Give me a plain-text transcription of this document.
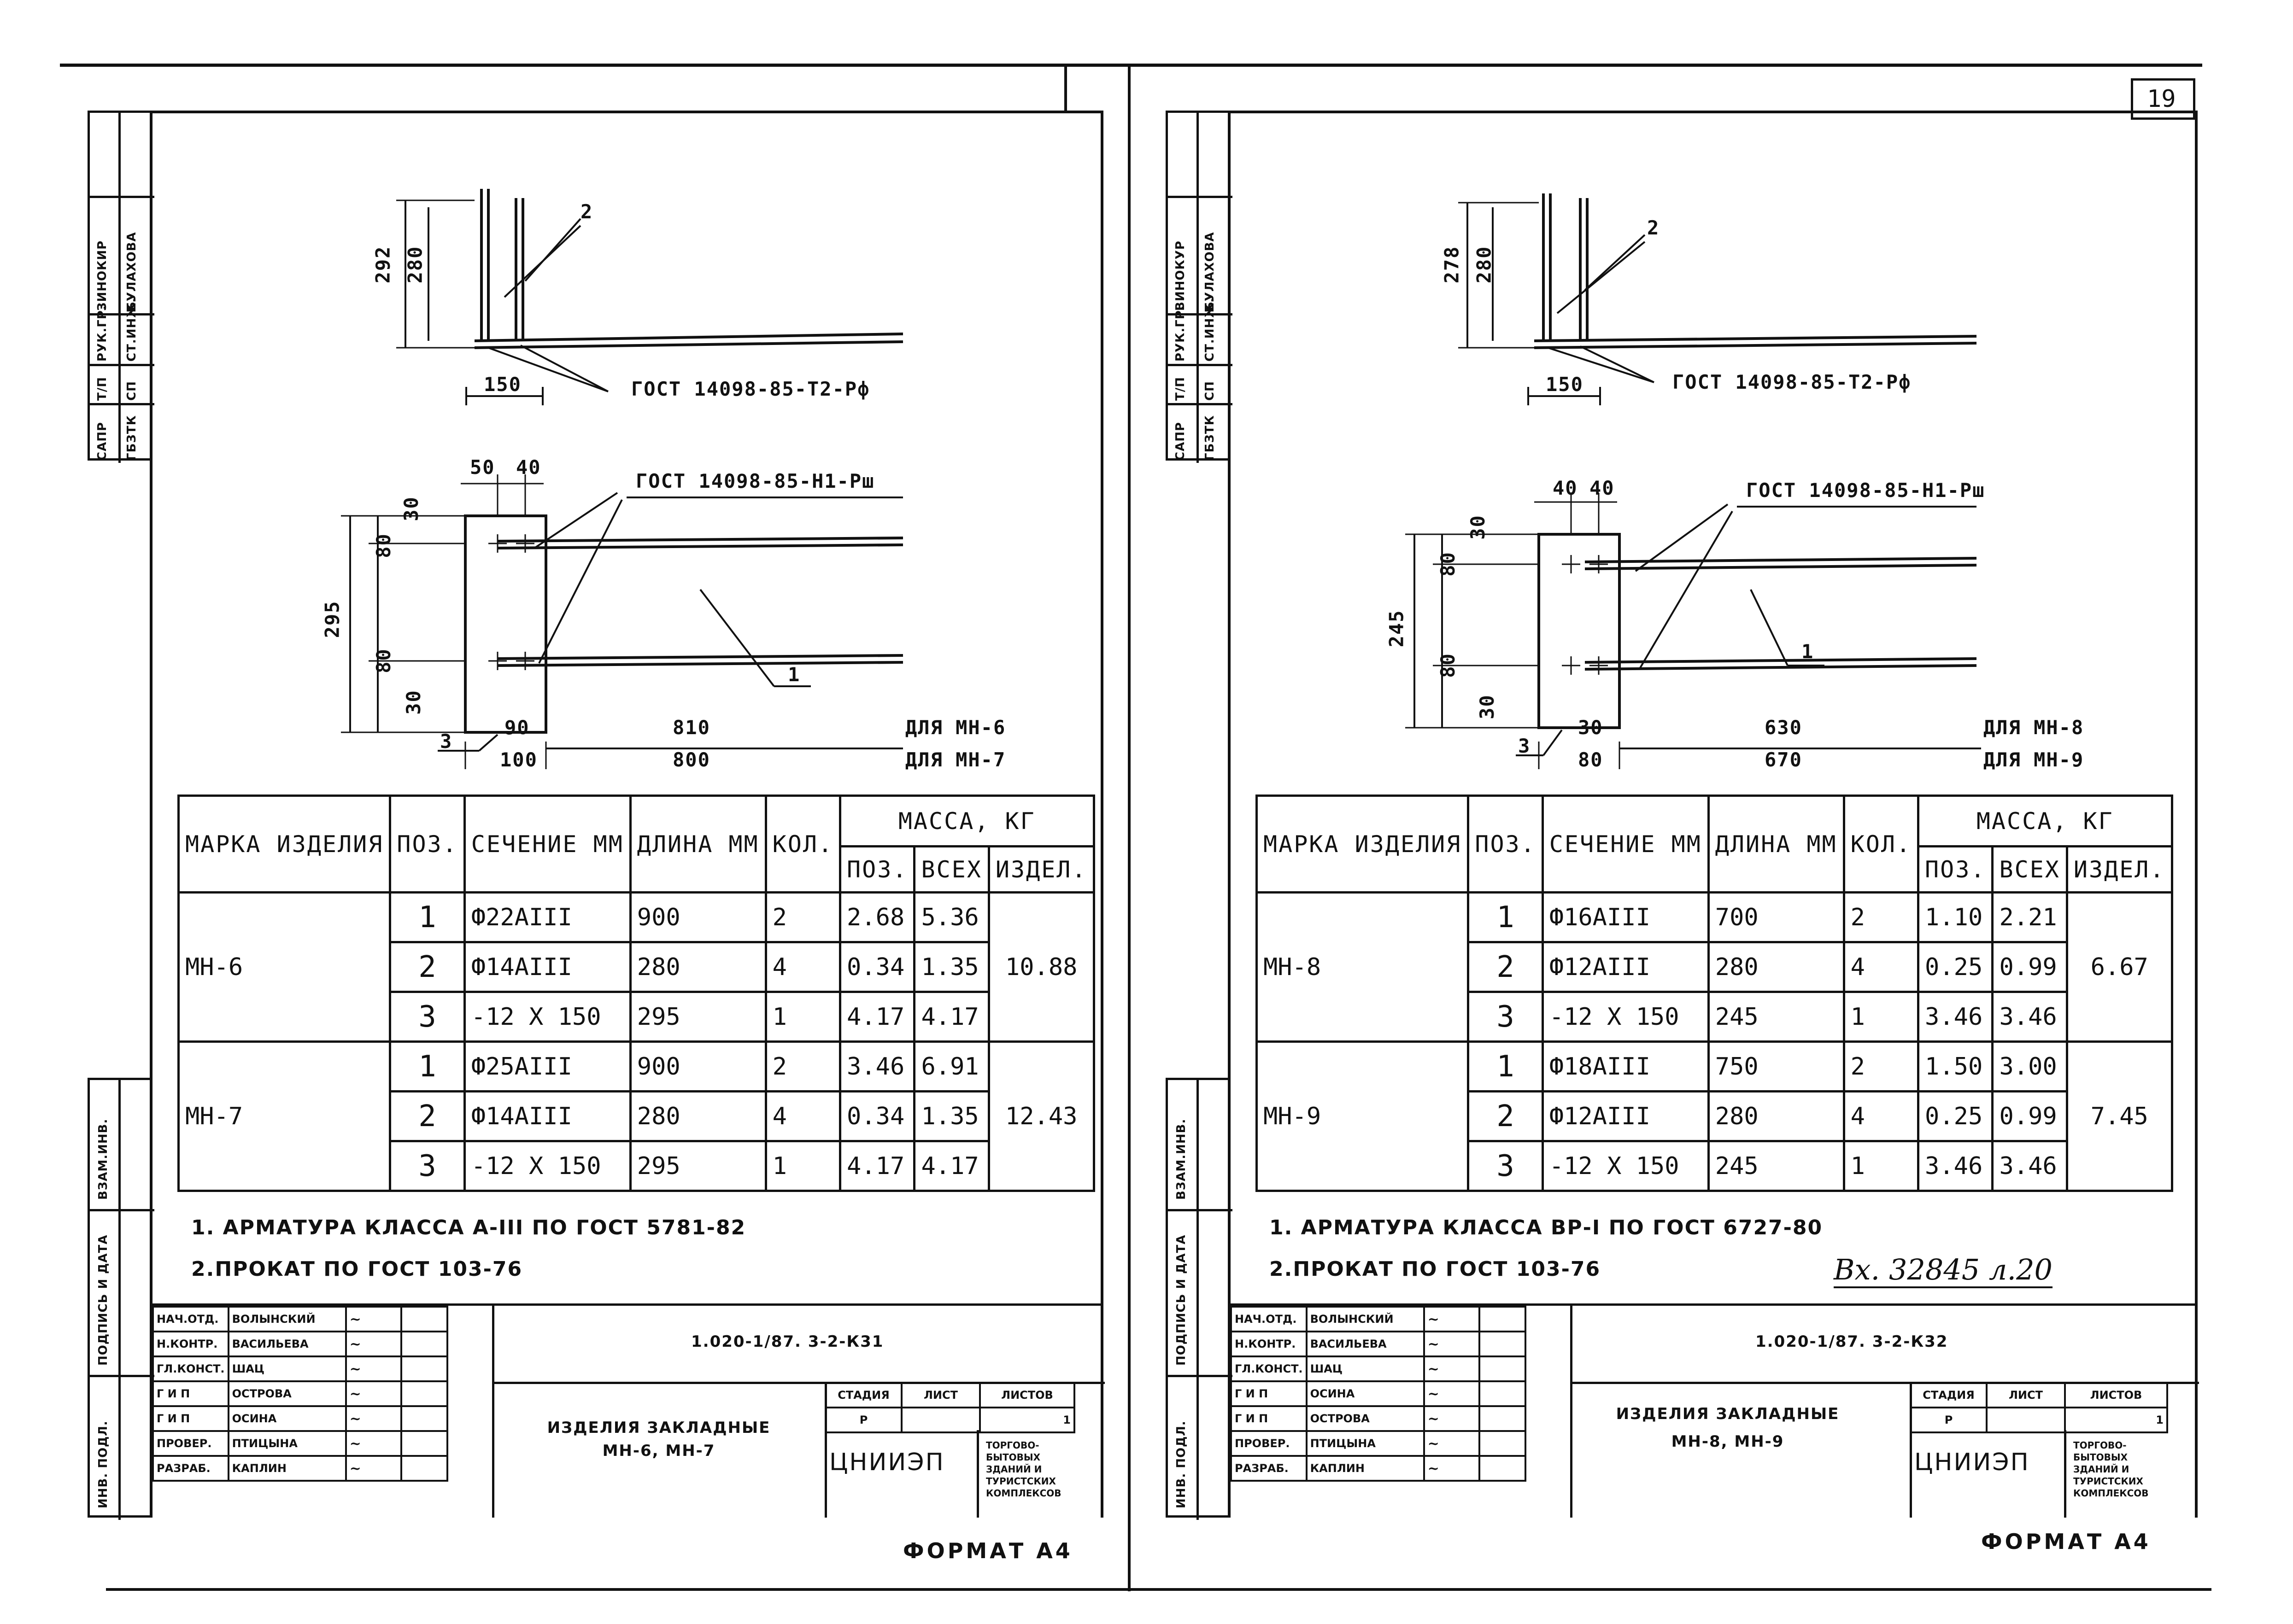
19
САПР
Т/П
РУК.ГР.
ЗИНОКИР
ГБЗТК
СП
СТ.ИНЖ.
БУЛАХОВА
ВЗАМ.ИНВ.
ПОДПИСЬ И ДАТА
ИНВ. ПОДЛ.
292 280
2
150	ГОСТ 14098-85-Т2-Рф
ГОСТ 14098-85-Н1-Рш
50 40
30
80
295
80
30
90
100
810
800
ДЛЯ МН-6
ДЛЯ МН-7
1
3
МАРКА ИЗДЕЛИЯ	ПОЗ.	СЕЧЕНИЕ ММ	ДЛИНА ММ	КОЛ.	МАССА, КГ		
					ПОЗ.	ВСЕХ	ИЗДЕЛ.
МН-6	1	Ф22АIII	900	2	2.68	5.36	10.88
	2	Ф14АIII	280	4	0.34	1.35	
	3	-12 Х 150	295	1	4.17	4.17	
МН-7	1	Ф25АIII	900	2	3.46	6.91	12.43
	2	Ф14АIII	280	4	0.34	1.35	
	3	-12 Х 150	295	1	4.17	4.17	
1. АРМАТУРА КЛАССА А-III ПО ГОСТ 5781-82
2.ПРОКАТ ПО ГОСТ 103-76
НАЧ.ОТД.	ВОЛЫНСКИЙ	~	
Н.КОНТР.	ВАСИЛЬЕВА	~	
ГЛ.КОНСТ.	ШАЦ	~	
Г И П	ОСТРОВА	~	
Г И П	ОСИНА	~	
ПРОВЕР.	ПТИЦЫНА	~	
РАЗРАБ.	КАПЛИН	~	
1.020-1/87. 3-2-К31
ИЗДЕЛИЯ ЗАКЛАДНЫЕ
МН-6, МН-7
СТАДИЯ	ЛИСТ	ЛИСТОВ
Р		1
ЦНИИЭП
ТОРГОВО-
БЫТОВЫХ
ЗДАНИЙ И
ТУРИСТСКИХ
КОМПЛЕКСОВ
ФОРМАТ А4
САПР
Т/П
РУК.ГР.
ВИНОКУР
ГБЗТК
СП
СТ.ИНЖ.
БУЛАХОВА
ВЗАМ.ИНВ.
ПОДПИСЬ И ДАТА
ИНВ. ПОДЛ.
278 280
2
150	ГОСТ 14098-85-Т2-Рф
ГОСТ 14098-85-Н1-Рш
40 40
30
80
245
80
30
30
80
630
670
ДЛЯ МН-8
ДЛЯ МН-9
1
3
МАРКА ИЗДЕЛИЯ	ПОЗ.	СЕЧЕНИЕ ММ	ДЛИНА ММ	КОЛ.	МАССА, КГ		
					ПОЗ.	ВСЕХ	ИЗДЕЛ.
МН-8	1	Ф16АIII	700	2	1.10	2.21	6.67
	2	Ф12АIII	280	4	0.25	0.99	
	3	-12 Х 150	245	1	3.46	3.46	
МН-9	1	Ф18АIII	750	2	1.50	3.00	7.45
	2	Ф12АIII	280	4	0.25	0.99	
	3	-12 Х 150	245	1	3.46	3.46	
1. АРМАТУРА КЛАССА ВР-I ПО ГОСТ 6727-80
2.ПРОКАТ ПО ГОСТ 103-76	Вх. 32845 л.20
НАЧ.ОТД.	ВОЛЫНСКИЙ	~	
Н.КОНТР.	ВАСИЛЬЕВА	~	
ГЛ.КОНСТ.	ШАЦ	~	
Г И П	ОСИНА	~	
Г И П	ОСТРОВА	~	
ПРОВЕР.	ПТИЦЫНА	~	
РАЗРАБ.	КАПЛИН	~	
1.020-1/87. 3-2-К32
ИЗДЕЛИЯ ЗАКЛАДНЫЕ
МН-8, МН-9
СТАДИЯ	ЛИСТ	ЛИСТОВ
Р		1
ЦНИИЭП
ТОРГОВО-
БЫТОВЫХ
ЗДАНИЙ И
ТУРИСТСКИХ
КОМПЛЕКСОВ
ФОРМАТ А4
